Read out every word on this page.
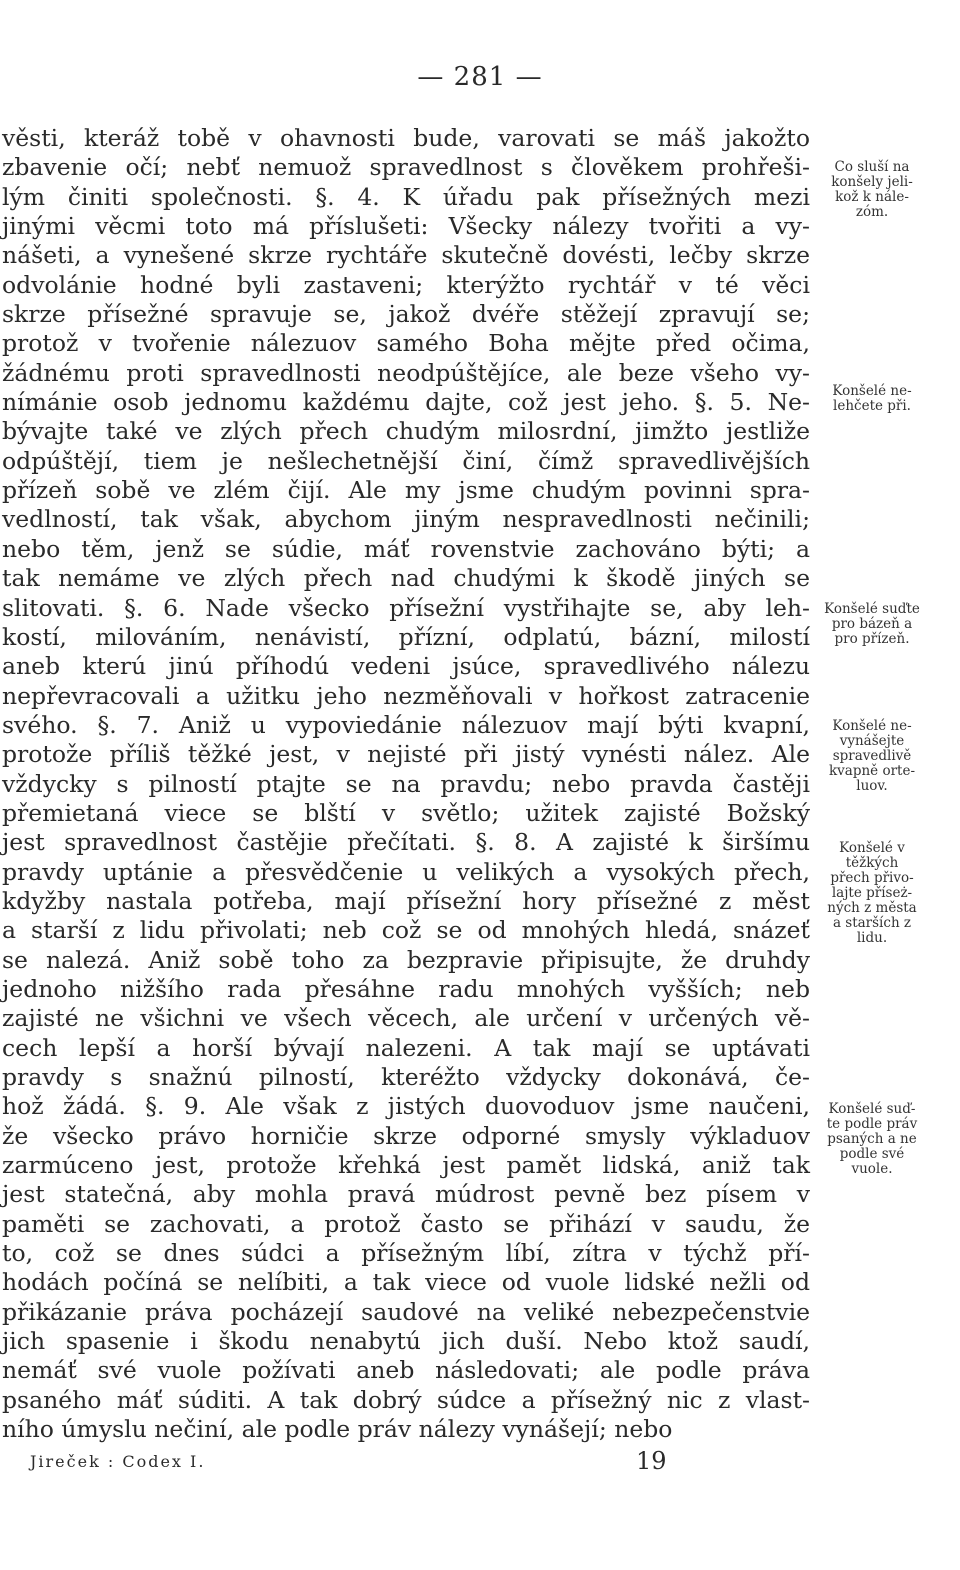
— 281 —
věsti, kteráž tobě v ohavnosti bude, varovati se máš jakožto
zbavenie očí; nebť nemuož spravedlnost s člověkem prohřeši-
lým činiti společnosti. §. 4. K úřadu pak přísežných mezi
jinými věcmi toto má příslušeti: Všecky nálezy tvořiti a vy-
nášeti, a vynešené skrze rychtáře skutečně dovésti, lečby skrze
odvolánie hodné byli zastaveni; kterýžto rychtář v té věci
skrze přísežné spravuje se, jakož dvéře stěžejí zpravují se;
protož v tvořenie nálezuov samého Boha mějte před očima,
žádnému proti spravedlnosti neodpúštějíce, ale beze všeho vy-
nímánie osob jednomu každému dajte, což jest jeho. §. 5. Ne-
bývajte také ve zlých přech chudým milosrdní, jimžto jestliže
odpúštějí, tiem je nešlechetnější činí, čímž spravedlivějších
přízeň sobě ve zlém čijí. Ale my jsme chudým povinni spra-
vedlností, tak však, abychom jiným nespravedlnosti nečinili;
nebo těm, jenž se súdie, máť rovenstvie zachováno býti; a
tak nemáme ve zlých přech nad chudými k škodě jiných se
slitovati. §. 6. Nade všecko přísežní vystřihajte se, aby leh-
kostí, milováním, nenávistí, přízní, odplatú, bázní, milostí
aneb kterú jinú příhodú vedeni jsúce, spravedlivého nálezu
nepřevracovali a užitku jeho nezměňovali v hořkost zatracenie
svého. §. 7. Aniž u vypoviedánie nálezuov mají býti kvapní,
protože příliš těžké jest, v nejisté při jistý vynésti nález. Ale
vždycky s pilností ptajte se na pravdu; nebo pravda častěji
přemietaná viece se blští v světlo; užitek zajisté Božský
jest spravedlnost častějie přečítati. §. 8. A zajisté k širšímu
pravdy uptánie a přesvědčenie u velikých a vysokých přech,
kdyžby nastala potřeba, mají přísežní hory přísežné z měst
a starší z lidu přivolati; neb což se od mnohých hledá, snázeť
se nalezá. Aniž sobě toho za bezpravie připisujte, že druhdy
jednoho nižšího rada přesáhne radu mnohých vyšších; neb
zajisté ne všichni ve všech věcech, ale určení v určených vě-
cech lepší a horší bývají nalezeni. A tak mají se uptávati
pravdy s snažnú pilností, kteréžto vždycky dokonává, če-
hož žádá. §. 9. Ale však z jistých duovoduov jsme naučeni,
že všecko právo horničie skrze odporné smysly výkladuov
zarmúceno jest, protože křehká jest pamět lidská, aniž tak
jest statečná, aby mohla pravá múdrost pevně bez písem v
paměti se zachovati, a protož často se přihází v saudu, že
to, což se dnes súdci a přísežným líbí, zítra v týchž pří-
hodách počíná se nelíbiti, a tak viece od vuole lidské nežli od
přikázanie práva pocházejí saudové na veliké nebezpečenstvie
jich spasenie i škodu nenabytú jich duší. Nebo ktož saudí,
nemáť své vuole požívati aneb následovati; ale podle práva
psaného máť súditi. A tak dobrý súdce a přísežný nic z vlast-
ního úmyslu nečiní, ale podle práv nálezy vynášejí; nebo
Co sluší na
konšely jeli-
kož k nále-
zóm.
Konšelé ne-
lehčete při.
Konšelé suďte
pro bázeň a
pro přízeň.
Konšelé ne-
vynášejte
spravedlivě
kvapně orte-
luov.
Konšelé v
těžkých
přech přivo-
lajte příseż-
ných z města
a starších z
lidu.
Konšelé suď-
te podle práv
psaných a ne
podle své
vuole.
Jireček : Codex I.	19
